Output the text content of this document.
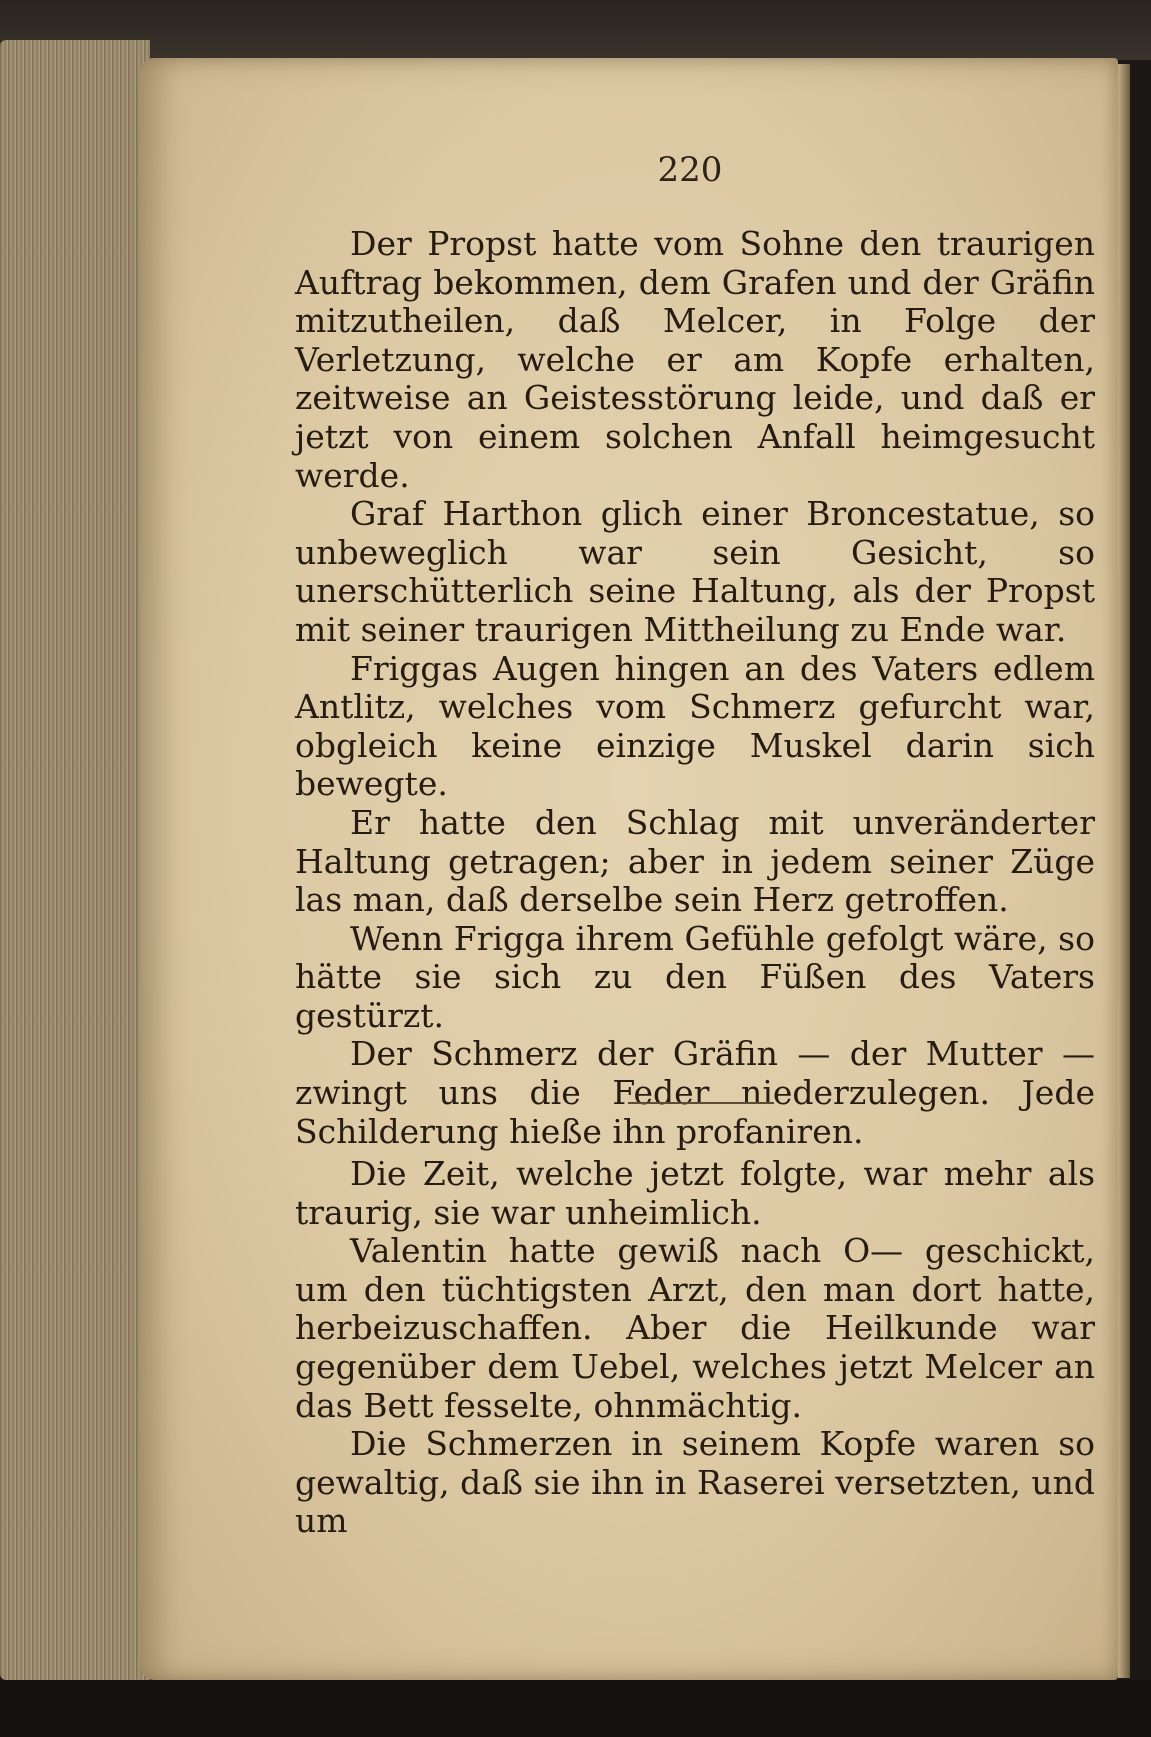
220

Der Propst hatte vom Sohne den traurigen Auftrag bekommen, dem Grafen und der Gräfin mitzutheilen, daß Melcer, in Folge der Verletzung, welche er am Kopfe erhalten, zeitweise an Geistesstörung leide, und daß er jetzt von einem solchen Anfall heimgesucht werde.

Graf Harthon glich einer Broncestatue, so unbeweglich war sein Gesicht, so unerschütterlich seine Haltung, als der Propst mit seiner traurigen Mittheilung zu Ende war.

Friggas Augen hingen an des Vaters edlem Antlitz, welches vom Schmerz gefurcht war, obgleich keine einzige Muskel darin sich bewegte.

Er hatte den Schlag mit unveränderter Haltung getragen; aber in jedem seiner Züge las man, daß derselbe sein Herz getroffen.

Wenn Frigga ihrem Gefühle gefolgt wäre, so hätte sie sich zu den Füßen des Vaters gestürzt.

Der Schmerz der Gräfin — der Mutter — zwingt uns die Feder niederzulegen. Jede Schilderung hieße ihn profaniren.

Die Zeit, welche jetzt folgte, war mehr als traurig, sie war unheimlich.

Valentin hatte gewiß nach O— geschickt, um den tüchtigsten Arzt, den man dort hatte, herbeizuschaffen. Aber die Heilkunde war gegenüber dem Uebel, welches jetzt Melcer an das Bett fesselte, ohnmächtig.

Die Schmerzen in seinem Kopfe waren so gewaltig, daß sie ihn in Raserei versetzten, und um
